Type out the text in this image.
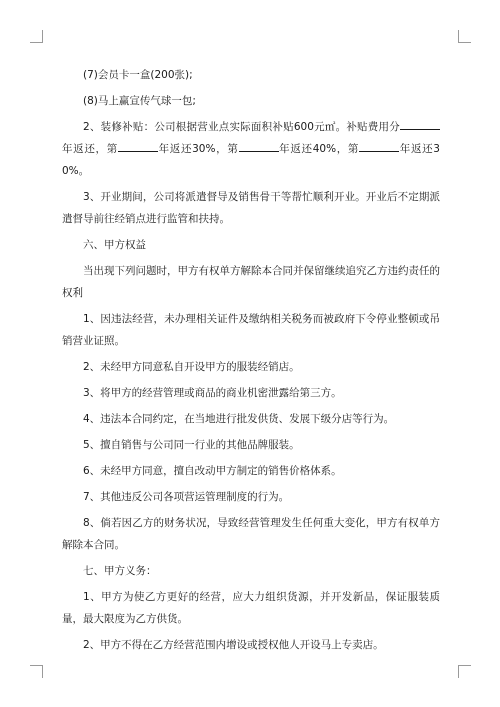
(7)会员卡一盒(200张);

(8)马上赢宣传气球一包;

2、装修补贴：公司根据营业点实际面积补贴600元㎡。补贴费用分年返还，第	年返还30%，第	年返还40%，第	年返还30%。

3、开业期间，公司将派遣督导及销售骨干等帮忙顺利开业。开业后不定期派遣督导前往经销点进行监管和扶持。

六、甲方权益

当出现下列问题时，甲方有权单方解除本合同并保留继续追究乙方违约责任的权利

1、因违法经营，未办理相关证件及缴纳相关税务而被政府下令停业整顿或吊销营业证照。

2、未经甲方同意私自开设甲方的服装经销店。

3、将甲方的经营管理或商品的商业机密泄露给第三方。

4、违法本合同约定，在当地进行批发供货、发展下级分店等行为。

5、擅自销售与公司同一行业的其他品牌服装。

6、未经甲方同意，擅自改动甲方制定的销售价格体系。

7、其他违反公司各项营运管理制度的行为。

8、倘若因乙方的财务状况，导致经营管理发生任何重大变化，甲方有权单方解除本合同。

七、甲方义务：

1、甲方为使乙方更好的经营，应大力组织货源，并开发新品，保证服装质量，最大限度为乙方供货。

2、甲方不得在乙方经营范围内增设或授权他人开设马上专卖店。
